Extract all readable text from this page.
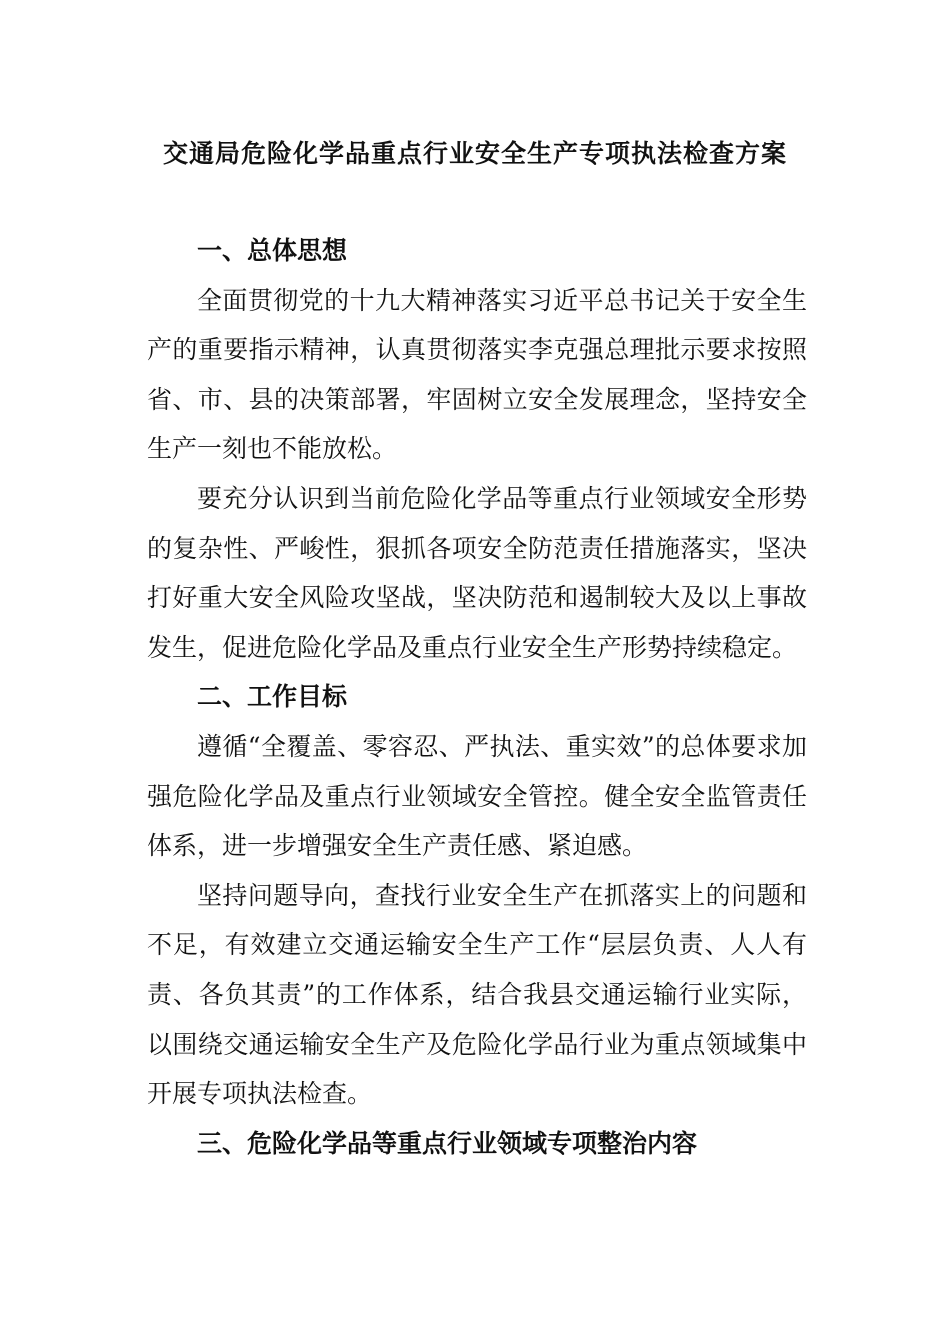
交通局危险化学品重点行业安全生产专项执法检查方案

一、总体思想

全面贯彻党的十九大精神落实习近平总书记关于安全生产的重要指示精神，认真贯彻落实李克强总理批示要求按照省、市、县的决策部署，牢固树立安全发展理念，坚持安全生产一刻也不能放松。

要充分认识到当前危险化学品等重点行业领域安全形势的复杂性、严峻性，狠抓各项安全防范责任措施落实，坚决打好重大安全风险攻坚战，坚决防范和遏制较大及以上事故发生，促进危险化学品及重点行业安全生产形势持续稳定。

二、工作目标

遵循“全覆盖、零容忍、严执法、重实效”的总体要求加强危险化学品及重点行业领域安全管控。健全安全监管责任体系，进一步增强安全生产责任感、紧迫感。

坚持问题导向，查找行业安全生产在抓落实上的问题和不足，有效建立交通运输安全生产工作“层层负责、人人有责、各负其责”的工作体系，结合我县交通运输行业实际，以围绕交通运输安全生产及危险化学品行业为重点领域集中开展专项执法检查。

三、危险化学品等重点行业领域专项整治内容
